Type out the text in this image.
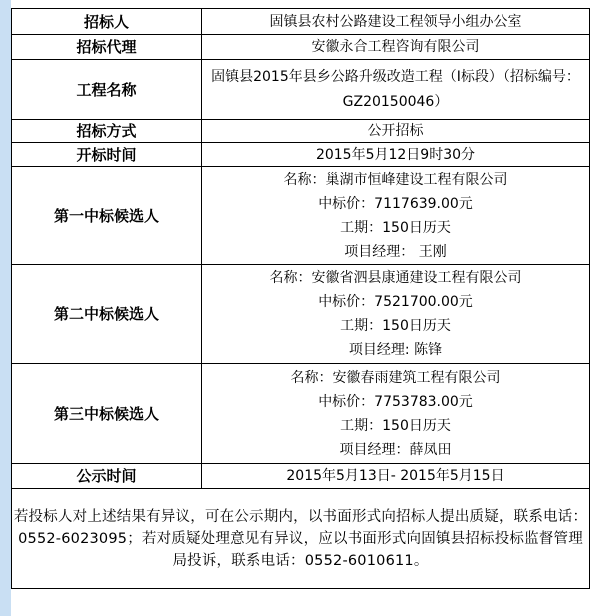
招标人	固镇县农村公路建设工程领导小组办公室
招标代理	安徽永合工程咨询有限公司
工程名称	固镇县2015年县乡公路升级改造工程（Ⅰ标段）（招标编号：GZ20150046）
招标方式	公开招标
开标时间	2015年5月12日9时30分
第一中标候选人	名称：巢湖市恒峰建设工程有限公司
中标价：7117639.00元
工期：150日历天
项目经理： 王刚

第二中标候选人	名称：安徽省泗县康通建设工程有限公司
中标价：7521700.00元
工期：150日历天
项目经理: 陈锋

第三中标候选人	名称：安徽春雨建筑工程有限公司
中标价：7753783.00元
工期：150日历天
项目经理：薛凤田

公示时间	2015年5月13日- 2015年5月15日
若投标人对上述结果有异议，可在公示期内，以书面形式向招标人提出质疑，联系电话：0552-6023095；若对质疑处理意见有异议，应以书面形式向固镇县招标投标监督管理局投诉，联系电话：0552-6010611。	
